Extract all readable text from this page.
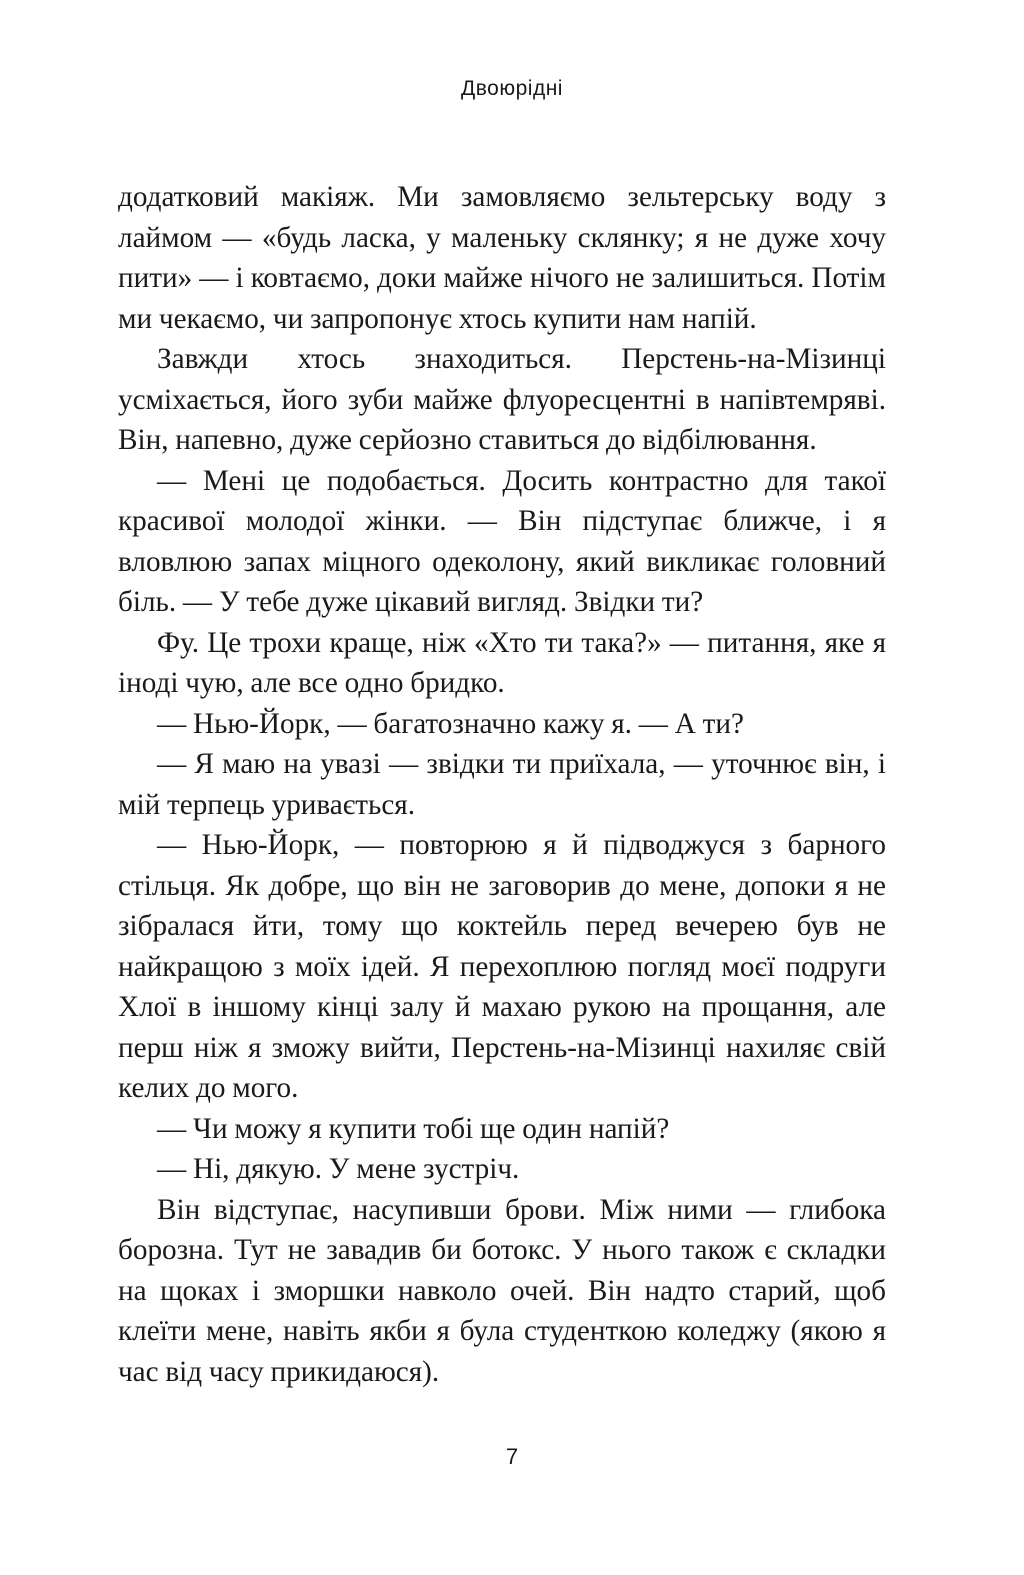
Двоюрідні

додатковий макіяж. Ми замовляємо зельтерську воду з лаймом — «будь ласка, у маленьку склянку; я не дуже хочу пити» — і ковтаємо, доки майже нічого не залишиться. Потім ми чекаємо, чи запропонує хтось купити нам напій.

Завжди хтось знаходиться. Перстень-на-Мізинці усміхається, його зуби майже флуоресцентні в напівтемряві. Він, напевно, дуже серйозно ставиться до відбілювання.

— Мені це подобається. Досить контрастно для такої красивої молодої жінки. — Він підступає ближче, і я вловлюю запах міцного одеколону, який викликає головний біль. — У тебе дуже цікавий вигляд. Звідки ти?

Фу. Це трохи краще, ніж «Хто ти така?» — питання, яке я іноді чую, але все одно бридко.

— Нью-Йорк, — багатозначно кажу я. — А ти?

— Я маю на увазі — звідки ти приїхала, — уточнює він, і мій терпець уривається.

— Нью-Йорк, — повторюю я й підводжуся з барного стільця. Як добре, що він не заговорив до мене, допоки я не зібралася йти, тому що коктейль перед вечерею був не найкращою з моїх ідей. Я перехоплюю погляд моєї подруги Хлої в іншому кінці залу й махаю рукою на прощання, але перш ніж я зможу вийти, Перстень-на-Мізинці нахиляє свій келих до мого.

— Чи можу я купити тобі ще один напій?

— Ні, дякую. У мене зустріч.

Він відступає, насупивши брови. Між ними — глибока борозна. Тут не завадив би ботокс. У нього також є складки на щоках і зморшки навколо очей. Він надто старий, щоб клеїти мене, навіть якби я була студенткою коледжу (якою я час від часу прикидаюся).

7
